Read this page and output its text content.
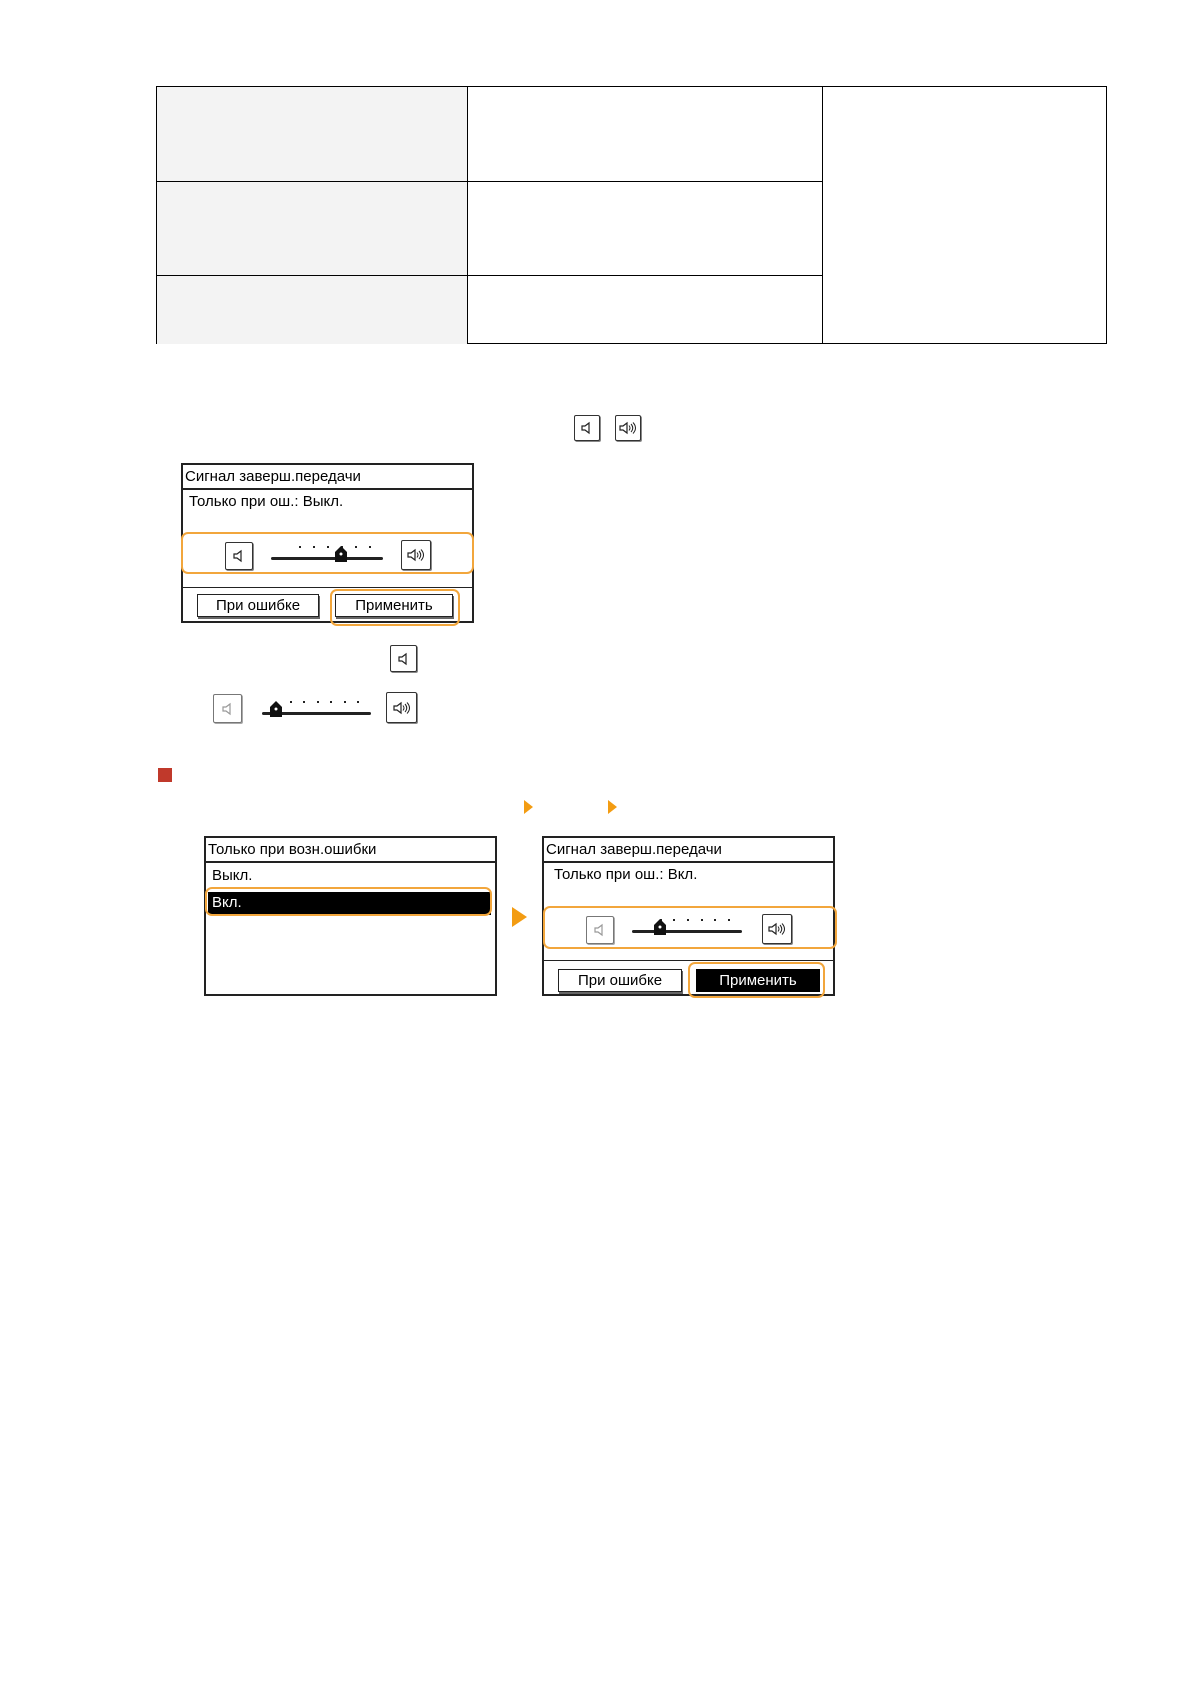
Сигнал заверш.передачи
Только при ош.: Выкл.
При ошибке	Применить
Только при возн.ошибки
Выкл.
Вкл.
Сигнал заверш.передачи
Только при ош.: Вкл.
При ошибке	Применить
